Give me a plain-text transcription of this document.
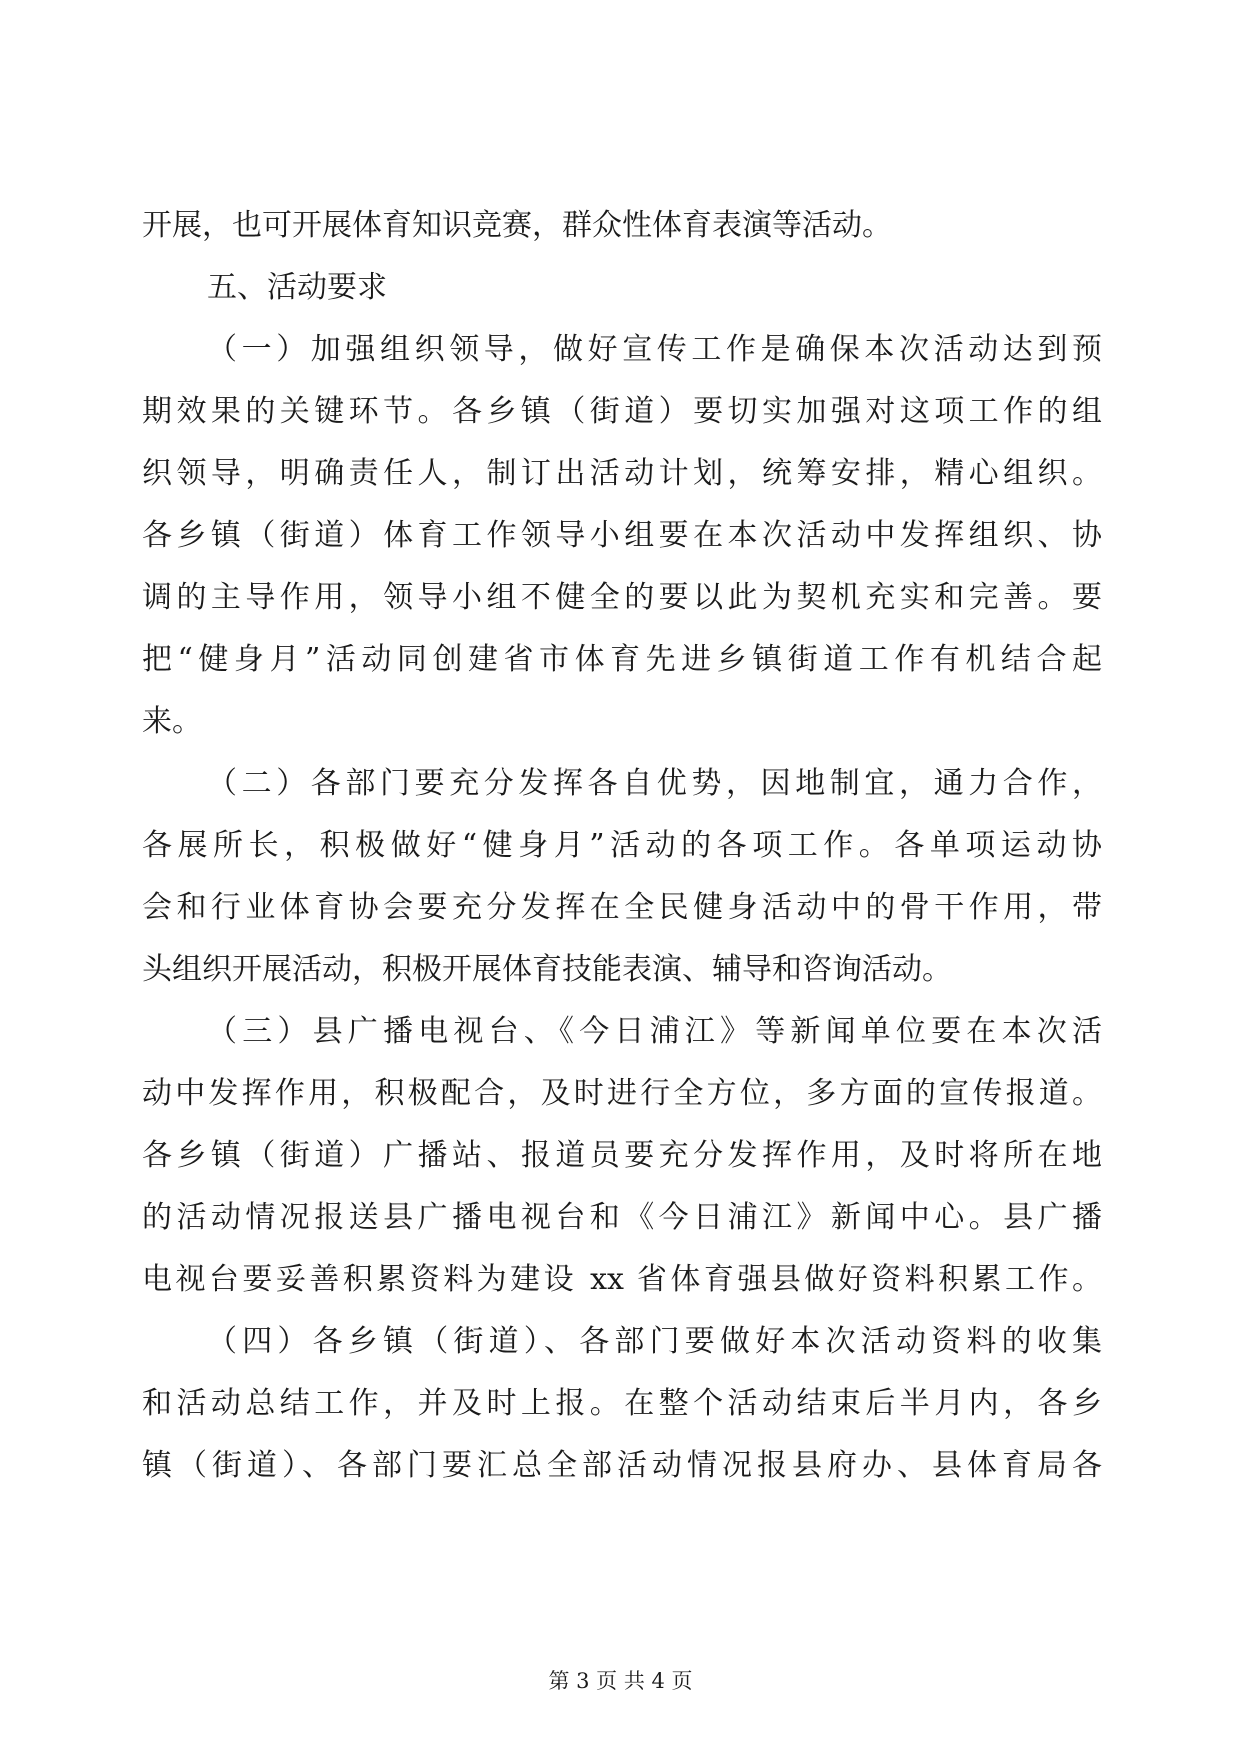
开展，也可开展体育知识竞赛，群众性体育表演等活动。
五、活动要求
（一）加强组织领导，做好宣传工作是确保本次活动达到预
期效果的关键环节。各乡镇（街道）要切实加强对这项工作的组
织领导，明确责任人，制订出活动计划，统筹安排，精心组织。
各乡镇（街道）体育工作领导小组要在本次活动中发挥组织、协
调的主导作用，领导小组不健全的要以此为契机充实和完善。要
把“健身月”活动同创建省市体育先进乡镇街道工作有机结合起
来。
（二）各部门要充分发挥各自优势，因地制宜，通力合作，
各展所长，积极做好“健身月”活动的各项工作。各单项运动协
会和行业体育协会要充分发挥在全民健身活动中的骨干作用，带
头组织开展活动，积极开展体育技能表演、辅导和咨询活动。
（三）县广播电视台、《今日浦江》等新闻单位要在本次活
动中发挥作用，积极配合，及时进行全方位，多方面的宣传报道。
各乡镇（街道）广播站、报道员要充分发挥作用，及时将所在地
的活动情况报送县广播电视台和《今日浦江》新闻中心。县广播
电视台要妥善积累资料为建设 xx 省体育强县做好资料积累工作。
（四）各乡镇（街道）、各部门要做好本次活动资料的收集
和活动总结工作，并及时上报。在整个活动结束后半月内，各乡
镇（街道）、各部门要汇总全部活动情况报县府办、县体育局各
第 3 页 共 4 页
